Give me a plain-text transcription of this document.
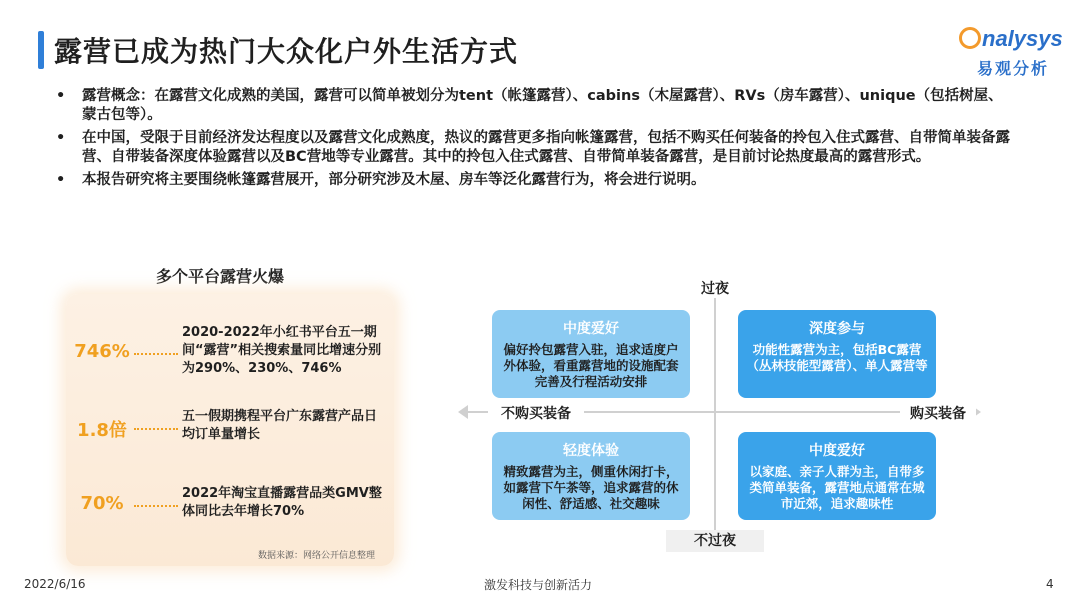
露营已成为热门大众化户外生活方式	nalysys
易观分析
• 露营概念：在露营文化成熟的美国，露营可以简单被划分为tent（帐篷露营）、cabins（木屋露营）、RVs（房车露营）、unique（包括树屋、蒙古包等）。
• 在中国，受限于目前经济发达程度以及露营文化成熟度，热议的露营更多指向帐篷露营，包括不购买任何装备的拎包入住式露营、自带简单装备露营、自带装备深度体验露营以及BC营地等专业露营。其中的拎包入住式露营、自带简单装备露营，是目前讨论热度最高的露营形式。
• 本报告研究将主要围绕帐篷露营展开，部分研究涉及木屋、房车等泛化露营行为，将会进行说明。
多个平台露营火爆
746%
2020-2022年小红书平台五一期间“露营”相关搜索量同比增速分别为290%、230%、746%
1.8倍
五一假期携程平台广东露营产品日均订单量增长
70%	2022年淘宝直播露营品类GMV整体同比去年增长70%
数据来源：网络公开信息整理
过夜
不过夜
不购买装备	购买装备
中度爱好
偏好拎包露营入驻，追求适度户外体验，看重露营地的设施配套完善及行程活动安排
深度参与
功能性露营为主，包括BC露营（丛林技能型露营）、单人露营等
轻度体验
精致露营为主，侧重休闲打卡，如露营下午茶等，追求露营的休闲性、舒适感、社交趣味
中度爱好
以家庭、亲子人群为主，自带多类简单装备，露营地点通常在城市近郊，追求趣味性
2022/6/16	激发科技与创新活力	4
